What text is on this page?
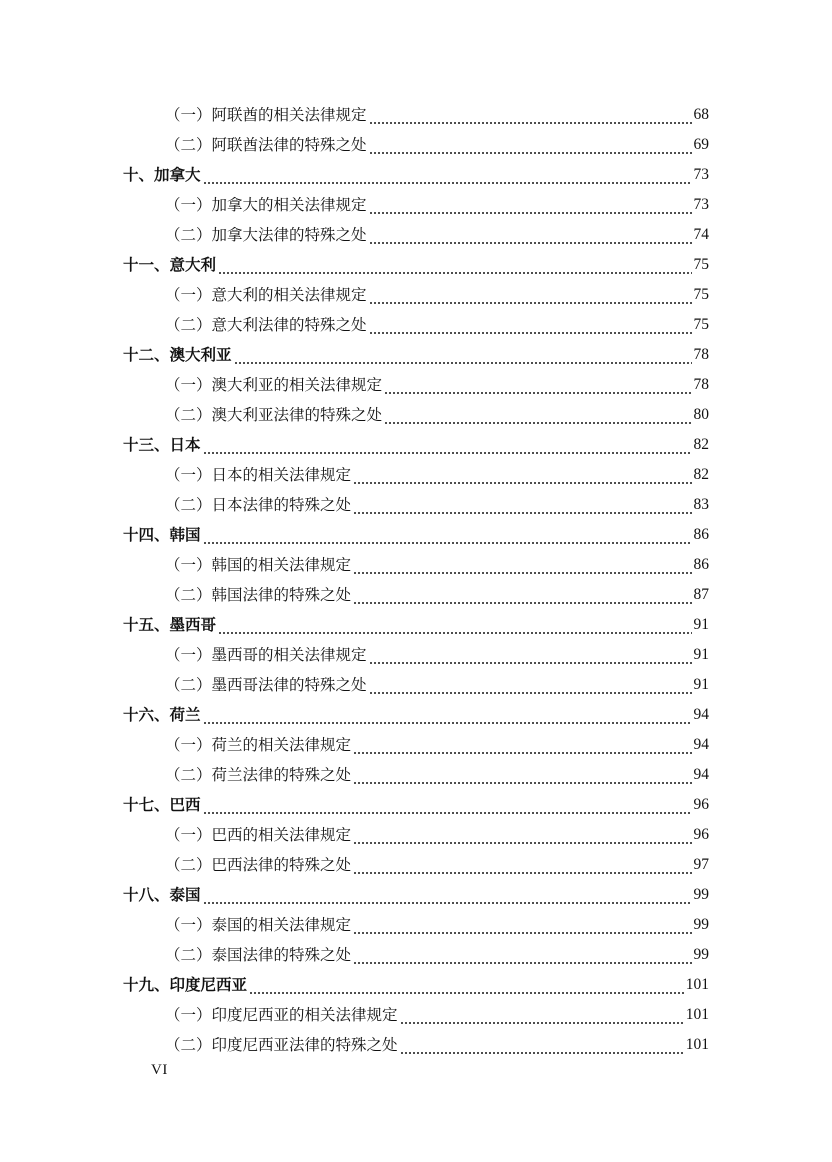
（一）阿联酋的相关法律规定	68
（二）阿联酋法律的特殊之处	69
十、加拿大	73
（一）加拿大的相关法律规定	73
（二）加拿大法律的特殊之处	74
十一、意大利	75
（一）意大利的相关法律规定	75
（二）意大利法律的特殊之处	75
十二、澳大利亚	78
（一）澳大利亚的相关法律规定	78
（二）澳大利亚法律的特殊之处	80
十三、日本	82
（一）日本的相关法律规定	82
（二）日本法律的特殊之处	83
十四、韩国	86
（一）韩国的相关法律规定	86
（二）韩国法律的特殊之处	87
十五、墨西哥	91
（一）墨西哥的相关法律规定	91
（二）墨西哥法律的特殊之处	91
十六、荷兰	94
（一）荷兰的相关法律规定	94
（二）荷兰法律的特殊之处	94
十七、巴西	96
（一）巴西的相关法律规定	96
（二）巴西法律的特殊之处	97
十八、泰国	99
（一）泰国的相关法律规定	99
（二）泰国法律的特殊之处	99
十九、印度尼西亚	101
（一）印度尼西亚的相关法律规定	101
（二）印度尼西亚法律的特殊之处	101
VI
